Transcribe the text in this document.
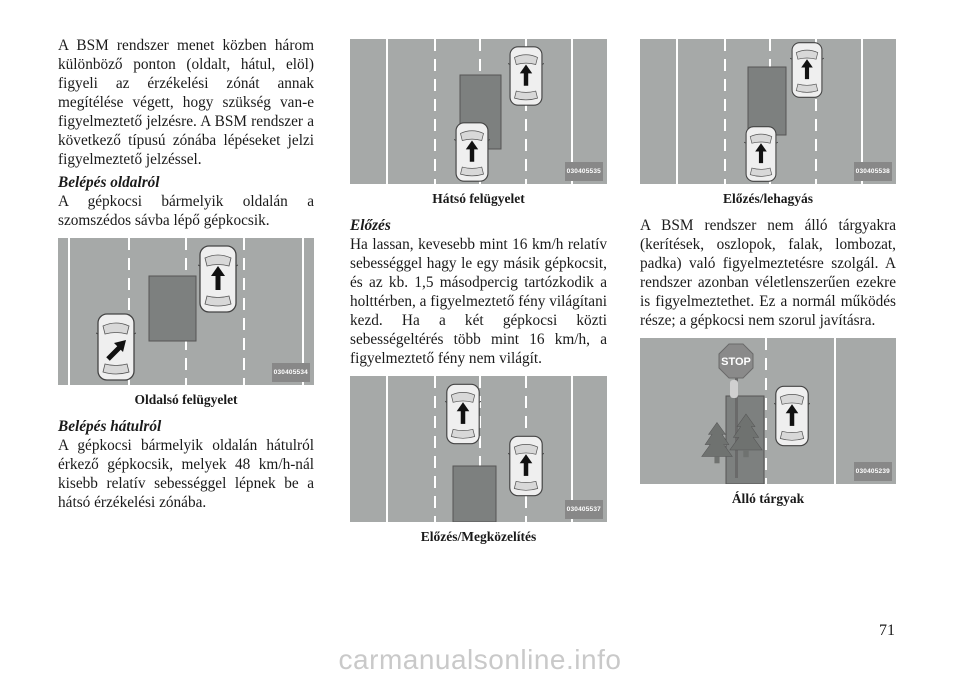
A BSM rendszer menet közben három különböző ponton (oldalt, hátul, elöl) figyeli az érzékelési zónát annak megítélése végett, hogy szükség van-e figyelmeztető jelzésre. A BSM rendszer a következő típusú zónába lépéseket jelzi figyelmeztető jelzéssel.

Belépés oldalról

A gépkocsi bármelyik oldalán a szomszédos sávba lépő gépkocsik.

030405534
Oldalsó felügyelet

Belépés hátulról

A gépkocsi bármelyik oldalán hátulról érkező gépkocsik, melyek 48 km/h-nál kisebb relatív sebességgel lépnek be a hátsó érzékelési zónába.

030405535
Hátsó felügyelet

Előzés

Ha lassan, kevesebb mint 16 km/h relatív sebességgel hagy le egy másik gépkocsit, és az kb. 1,5 másodpercig tartózkodik a holttérben, a figyelmeztető fény világítani kezd. Ha a két gépkocsi közti sebességeltérés több mint 16 km/h, a figyelmeztető fény nem világít.

030405537
Előzés/Megközelítés
030405538
Előzés/lehagyás

A BSM rendszer nem álló tárgyakra (kerítések, oszlopok, falak, lombozat, padka) való figyelmeztetésre szolgál. A rendszer azonban véletlenszerűen ezekre is figyelmeztethet. Ez a normál működés része; a gépkocsi nem szorul javításra.

STOP
030405239
Álló tárgyak
71
carmanualsonline.info
